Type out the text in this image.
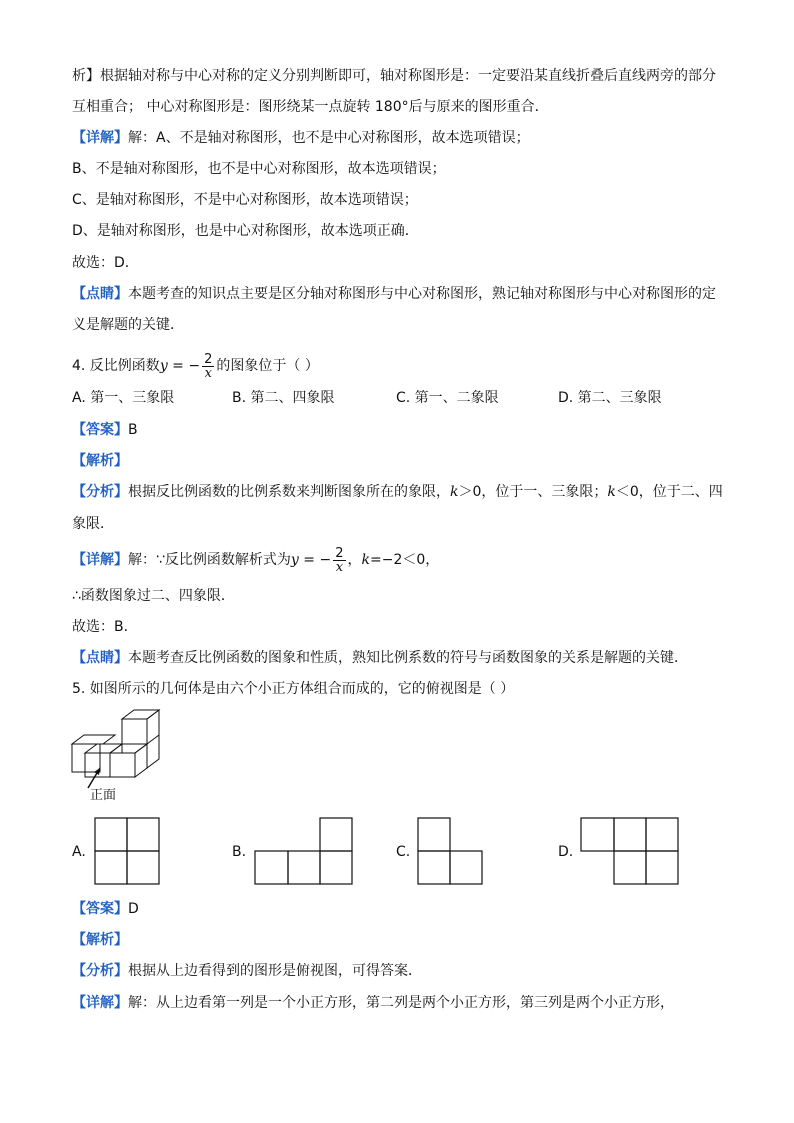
析】根据轴对称与中心对称的定义分别判断即可，轴对称图形是：一定要沿某直线折叠后直线两旁的部分
互相重合； 中心对称图形是：图形绕某一点旋转 180°后与原来的图形重合．
【详解】解：A、不是轴对称图形，也不是中心对称图形，故本选项错误；
B、不是轴对称图形，也不是中心对称图形，故本选项错误；
C、是轴对称图形，不是中心对称图形，故本选项错误；
D、是轴对称图形，也是中心对称图形，故本选项正确．
故选：D．
【点睛】本题考查的知识点主要是区分轴对称图形与中心对称图形，熟记轴对称图形与中心对称图形的定
义是解题的关键．
4. 反比例函数y = − $\frac{2}{x}$ 的图象位于（ ）
A. 第一、三象限	B. 第二、四象限	C. 第一、二象限	D. 第二、三象限
【答案】B
【解析】
【分析】根据反比例函数的比例系数来判断图象所在的象限，k＞0，位于一、三象限；k＜0，位于二、四
象限．
【详解】解：∵反比例函数解析式为y = − $\frac{2}{x}$ ，k=−2＜0，
∴函数图象过二、四象限．
故选：B．
【点睛】本题考查反比例函数的图象和性质，熟知比例系数的符号与函数图象的关系是解题的关键．
5. 如图所示的几何体是由六个小正方体组合而成的，它的俯视图是（ ）
正面
A.	B.	C.	D.
【答案】D
【解析】
【分析】根据从上边看得到的图形是俯视图，可得答案．
【详解】解：从上边看第一列是一个小正方形，第二列是两个小正方形，第三列是两个小正方形，
